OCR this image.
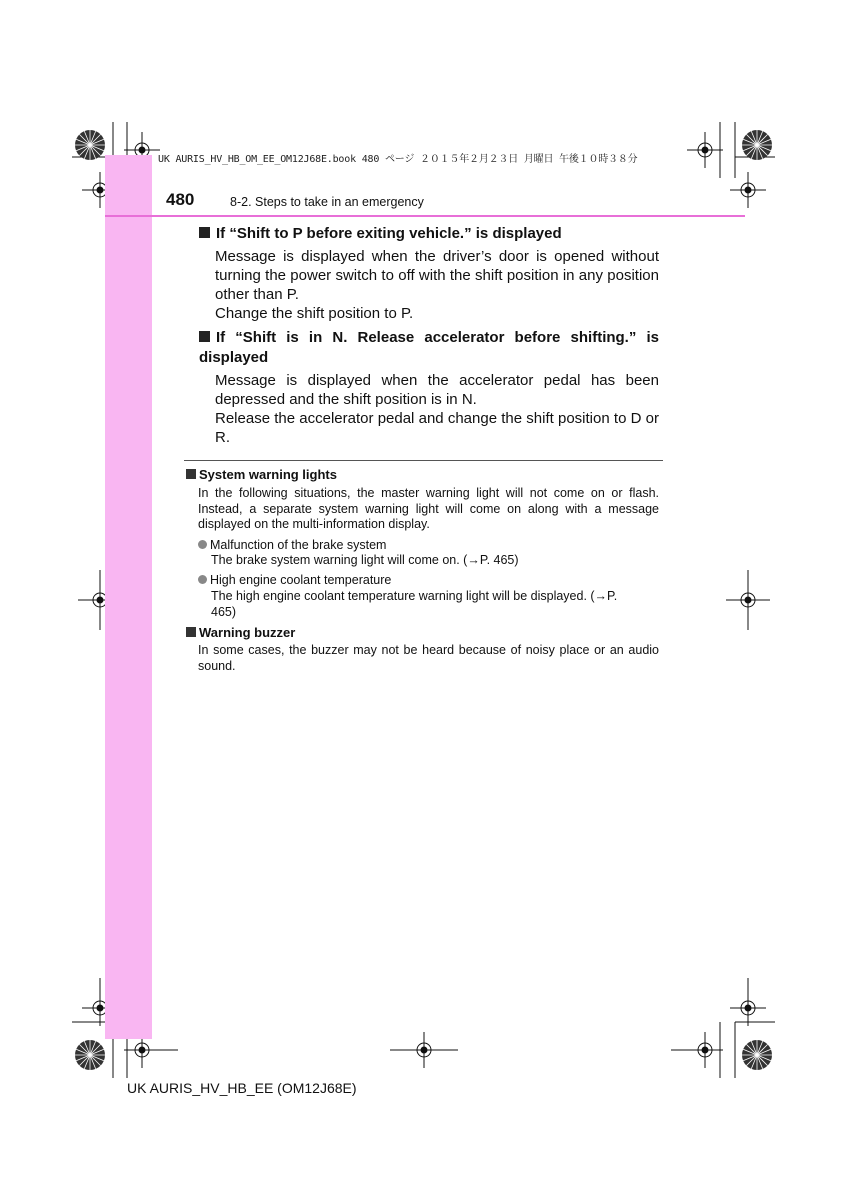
UK AURIS_HV_HB_OM_EE_OM12J68E.book 480 ページ ２０１５年２月２３日 月曜日 午後１０時３８分
480	8-2. Steps to take in an emergency
If “Shift to P before exiting vehicle.” is displayed
Message is displayed when the driver’s door is opened without turning the power switch to off with the shift position in any position other than P.
Change the shift position to P.
If “Shift is in N. Release accelerator before shifting.” is displayed
Message is displayed when the accelerator pedal has been depressed and the shift position is in N.
Release the accelerator pedal and change the shift position to D or R.
System warning lights
In the following situations, the master warning light will not come on or flash. Instead, a separate system warning light will come on along with a message displayed on the multi-information display.
Malfunction of the brake system
The brake system warning light will come on. (→P. 465)
High engine coolant temperature
The high engine coolant temperature warning light will be displayed. (→P. 465)
Warning buzzer
In some cases, the buzzer may not be heard because of noisy place or an audio sound.
UK AURIS_HV_HB_EE (OM12J68E)
